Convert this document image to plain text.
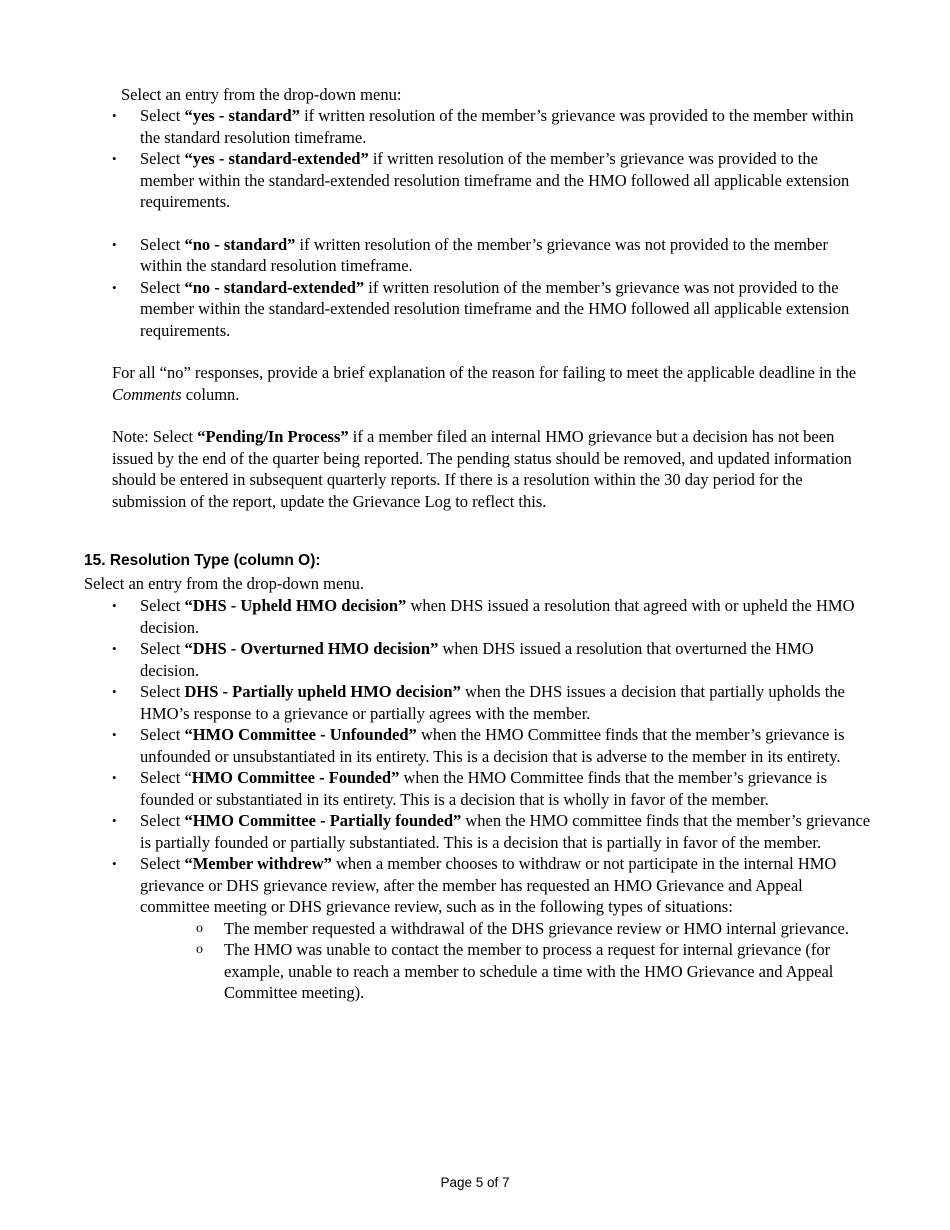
Select an entry from the drop-down menu:
•	Select “yes - standard” if written resolution of the member’s grievance was provided to the member within the standard resolution timeframe.
•	Select “yes - standard-extended” if written resolution of the member’s grievance was provided to the member within the standard-extended resolution timeframe and the HMO followed all applicable extension requirements.
•	Select “no - standard” if written resolution of the member’s grievance was not provided to the member within the standard resolution timeframe.
•	Select “no - standard-extended” if written resolution of the member’s grievance was not provided to the member within the standard-extended resolution timeframe and the HMO followed all applicable extension requirements.

For all “no” responses, provide a brief explanation of the reason for failing to meet the applicable deadline in the Comments column.

Note: Select “Pending/In Process” if a member filed an internal HMO grievance but a decision has not been issued by the end of the quarter being reported. The pending status should be removed, and updated information should be entered in subsequent quarterly reports. If there is a resolution within the 30 day period for the submission of the report, update the Grievance Log to reflect this.

15. Resolution Type (column O):
Select an entry from the drop-down menu.
•	Select “DHS - Upheld HMO decision” when DHS issued a resolution that agreed with or upheld the HMO decision.
•	Select “DHS - Overturned HMO decision” when DHS issued a resolution that overturned the HMO decision.
•	Select DHS - Partially upheld HMO decision” when the DHS issues a decision that partially upholds the HMO’s response to a grievance or partially agrees with the member.
•	Select “HMO Committee - Unfounded” when the HMO Committee finds that the member’s grievance is unfounded or unsubstantiated in its entirety. This is a decision that is adverse to the member in its entirety.
•	Select “HMO Committee - Founded” when the HMO Committee finds that the member’s grievance is founded or substantiated in its entirety. This is a decision that is wholly in favor of the member.
•	Select “HMO Committee - Partially founded” when the HMO committee finds that the member’s grievance is partially founded or partially substantiated. This is a decision that is partially in favor of the member.
•	Select “Member withdrew” when a member chooses to withdraw or not participate in the internal HMO grievance or DHS grievance review, after the member has requested an HMO Grievance and Appeal committee meeting or DHS grievance review, such as in the following types of situations:
o The member requested a withdrawal of the DHS grievance review or HMO internal grievance.
o The HMO was unable to contact the member to process a request for internal grievance (for example, unable to reach a member to schedule a time with the HMO Grievance and Appeal Committee meeting).
Page 5 of 7
